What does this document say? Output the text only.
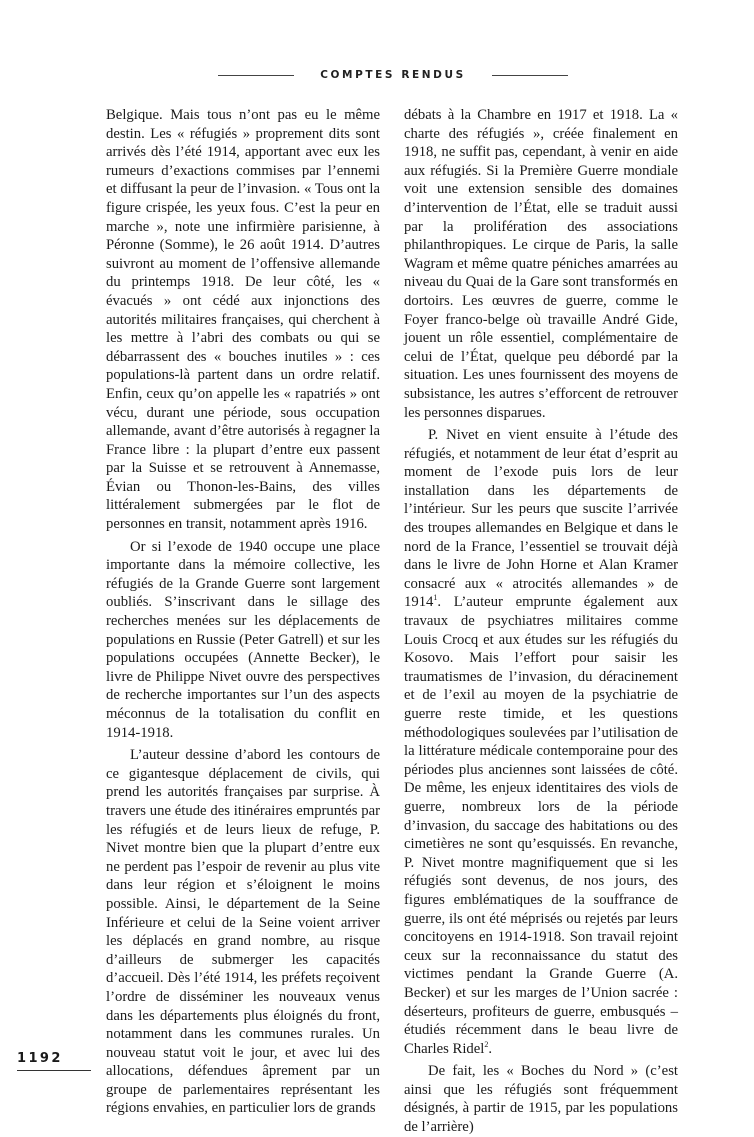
COMPTES RENDUS

Belgique. Mais tous n’ont pas eu le même destin. Les « réfugiés » proprement dits sont arrivés dès l’été 1914, apportant avec eux les rumeurs d’exactions commises par l’ennemi et diffusant la peur de l’invasion. « Tous ont la figure crispée, les yeux fous. C’est la peur en marche », note une infirmière parisienne, à Péronne (Somme), le 26 août 1914. D’autres suivront au moment de l’offensive allemande du printemps 1918. De leur côté, les « évacués » ont cédé aux injonctions des autorités militaires françaises, qui cherchent à les mettre à l’abri des combats ou qui se débarrassent des « bouches inutiles » : ces populations-là partent dans un ordre relatif. Enfin, ceux qu’on appelle les « rapatriés » ont vécu, durant une période, sous occupation allemande, avant d’être autorisés à regagner la France libre : la plupart d’entre eux passent par la Suisse et se retrouvent à Annemasse, Évian ou Thonon-les-Bains, des villes littéralement submergées par le flot de personnes en transit, notamment après 1916.

Or si l’exode de 1940 occupe une place importante dans la mémoire collective, les réfugiés de la Grande Guerre sont largement oubliés. S’inscrivant dans le sillage des recherches menées sur les déplacements de populations en Russie (Peter Gatrell) et sur les populations occupées (Annette Becker), le livre de Philippe Nivet ouvre des perspectives de recherche importantes sur l’un des aspects méconnus de la totalisation du conflit en 1914-1918.

L’auteur dessine d’abord les contours de ce gigantesque déplacement de civils, qui prend les autorités françaises par surprise. À travers une étude des itinéraires empruntés par les réfugiés et de leurs lieux de refuge, P. Nivet montre bien que la plupart d’entre eux ne perdent pas l’espoir de revenir au plus vite dans leur région et s’éloignent le moins possible. Ainsi, le département de la Seine Inférieure et celui de la Seine voient arriver les déplacés en grand nombre, au risque d’ailleurs de submerger les capacités d’accueil. Dès l’été 1914, les préfets reçoivent l’ordre de disséminer les nouveaux venus dans les départements plus éloignés du front, notamment dans les communes rurales. Un nouveau statut voit le jour, et avec lui des allocations, défendues âprement par un groupe de parlementaires représentant les régions envahies, en particulier lors de grands

débats à la Chambre en 1917 et 1918. La « charte des réfugiés », créée finalement en 1918, ne suffit pas, cependant, à venir en aide aux réfugiés. Si la Première Guerre mondiale voit une extension sensible des domaines d’intervention de l’État, elle se traduit aussi par la prolifération des associations philanthropiques. Le cirque de Paris, la salle Wagram et même quatre péniches amarrées au niveau du Quai de la Gare sont transformés en dortoirs. Les œuvres de guerre, comme le Foyer franco-belge où travaille André Gide, jouent un rôle essentiel, complémentaire de celui de l’État, quelque peu débordé par la situation. Les unes fournissent des moyens de subsistance, les autres s’efforcent de retrouver les personnes disparues.

P. Nivet en vient ensuite à l’étude des réfugiés, et notamment de leur état d’esprit au moment de l’exode puis lors de leur installation dans les départements de l’intérieur. Sur les peurs que suscite l’arrivée des troupes allemandes en Belgique et dans le nord de la France, l’essentiel se trouvait déjà dans le livre de John Horne et Alan Kramer consacré aux « atrocités allemandes » de 1914$^1$. L’auteur emprunte également aux travaux de psychiatres militaires comme Louis Crocq et aux études sur les réfugiés du Kosovo. Mais l’effort pour saisir les traumatismes de l’invasion, du déracinement et de l’exil au moyen de la psychiatrie de guerre reste timide, et les questions méthodologiques soulevées par l’utilisation de la littérature médicale contemporaine pour des périodes plus anciennes sont laissées de côté. De même, les enjeux identitaires des viols de guerre, nombreux lors de la période d’invasion, du saccage des habitations ou des cimetières ne sont qu’esquissés. En revanche, P. Nivet montre magnifiquement que si les réfugiés sont devenus, de nos jours, des figures emblématiques de la souffrance de guerre, ils ont été méprisés ou rejetés par leurs concitoyens en 1914-1918. Son travail rejoint ceux sur la reconnaissance du statut des victimes pendant la Grande Guerre (A. Becker) et sur les marges de l’Union sacrée : déserteurs, profiteurs de guerre, embusqués – étudiés récemment dans le beau livre de Charles Ridel$^2$.

De fait, les « Boches du Nord » (c’est ainsi que les réfugiés sont fréquemment désignés, à partir de 1915, par les populations de l’arrière)

1192
